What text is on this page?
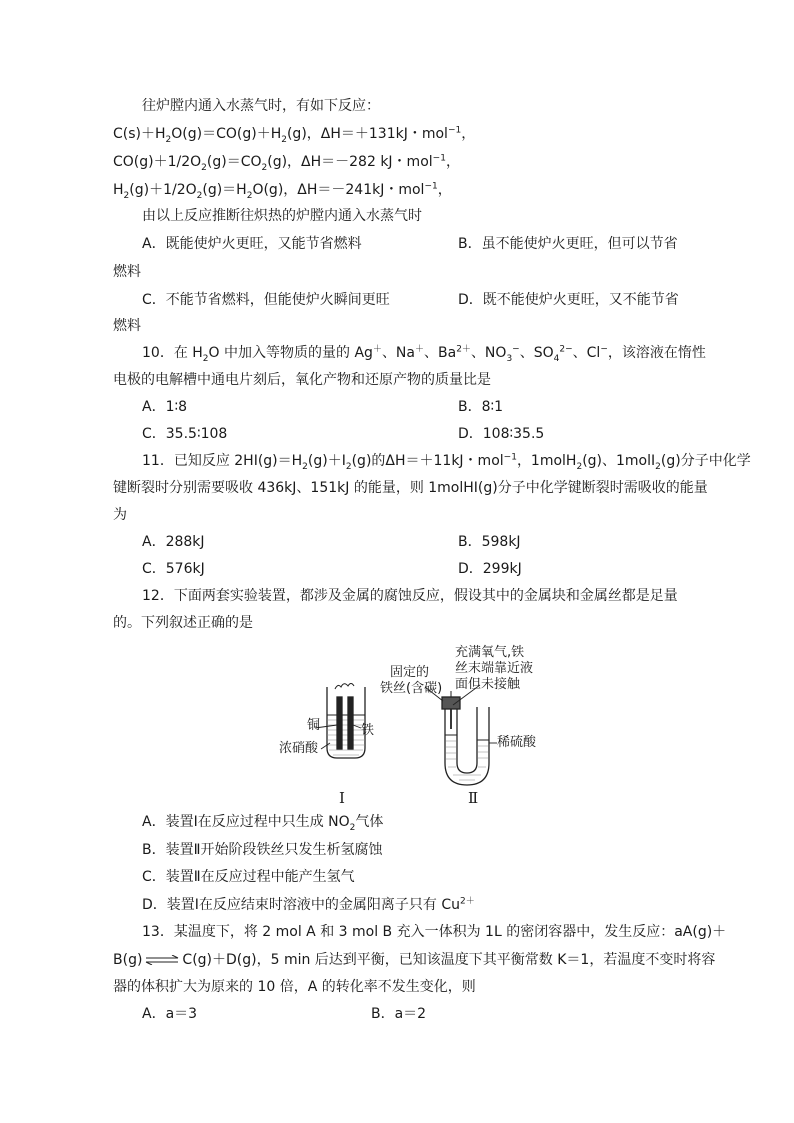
往炉膛内通入水蒸气时，有如下反应：
$C(s)+H_2O(g)=CO(g)+H_2(g)$，ΔH＝＋131kJ・mol$^{-1}$，
$CO(g)+1/2O_2(g)=CO_2(g)$，ΔH＝－282 kJ・mol$^{-1}$，
$H_2(g)+1/2O_2(g)=H_2O(g)$，ΔH＝－241kJ・mol$^{-1}$，
由以上反应推断往炽热的炉膛内通入水蒸气时
A．既能使炉火更旺，又能节省燃料	B．虽不能使炉火更旺，但可以节省
燃料
C．不能节省燃料，但能使炉火瞬间更旺	D．既不能使炉火更旺，又不能节省
燃料
10．在 $H_2O$ 中加入等物质的量的 Ag＋、Na＋、$Ba^{2+}$、$NO_3^-$、$SO_4^{2-}$、Cl−，该溶液在惰性
电极的电解槽中通电片刻后，氧化产物和还原产物的质量比是
A．1∶8	B．8∶1
C．35.5∶108	D．108∶35.5
11．已知反应 $2HI(g)=H_2(g)+I_2(g)$的ΔH＝＋11kJ・mol$^{-1}$，1molH$_2$(g)、1molI$_2$(g)分子中化学
键断裂时分别需要吸收 436kJ、151kJ 的能量，则 1molHI(g)分子中化学键断裂时需吸收的能量
为
A．288kJ	B．598kJ
C．576kJ	D．299kJ
12．下面两套实验装置，都涉及金属的腐蚀反应，假设其中的金属块和金属丝都是足量
的。下列叙述正确的是
铜	铁
浓硝酸
固定的
铁丝(含碳)
充满氧气,铁
丝末端靠近液
面但未接触
稀硫酸
Ⅰ	Ⅱ
A．装置Ⅰ在反应过程中只生成 $NO_2$气体
B．装置Ⅱ开始阶段铁丝只发生析氢腐蚀
C．装置Ⅱ在反应过程中能产生氢气
D．装置Ⅰ在反应结束时溶液中的金属阳离子只有 $Cu^{2+}$
13．某温度下，将 2 mol A 和 3 mol B 充入一体积为 1L 的密闭容器中，发生反应：aA(g)＋
B(g) ⇌ C(g)＋D(g)，5 min 后达到平衡，已知该温度下其平衡常数 K＝1，若温度不变时将容
器的体积扩大为原来的 10 倍，A 的转化率不发生变化，则
A．a＝3	B．a＝2
